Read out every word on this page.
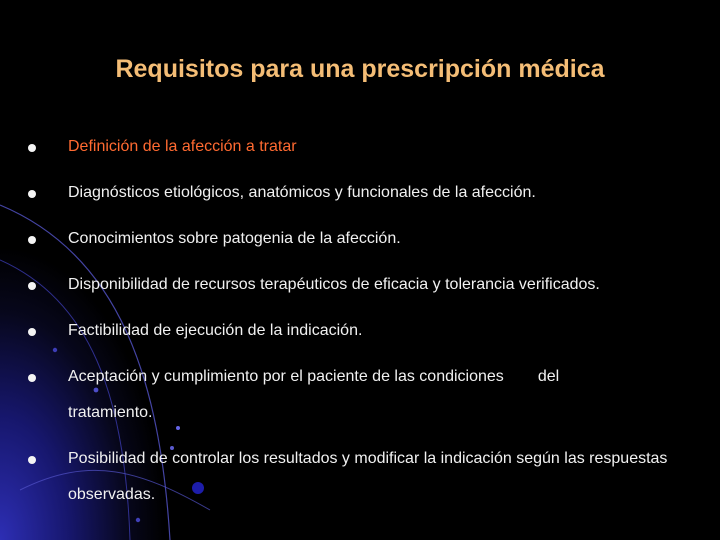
Requisitos para una prescripción médica
Definición de la afección a tratar
Diagnósticos etiológicos, anatómicos y funcionales de la afección.
Conocimientos sobre patogenia de la afección.
Disponibilidad de recursos terapéuticos de eficacia y tolerancia verificados.
Factibilidad de ejecución de la indicación.
Aceptación y cumplimiento por el paciente de las condiciones del
tratamiento.
Posibilidad de controlar los resultados y modificar la indicación según las respuestas observadas.
